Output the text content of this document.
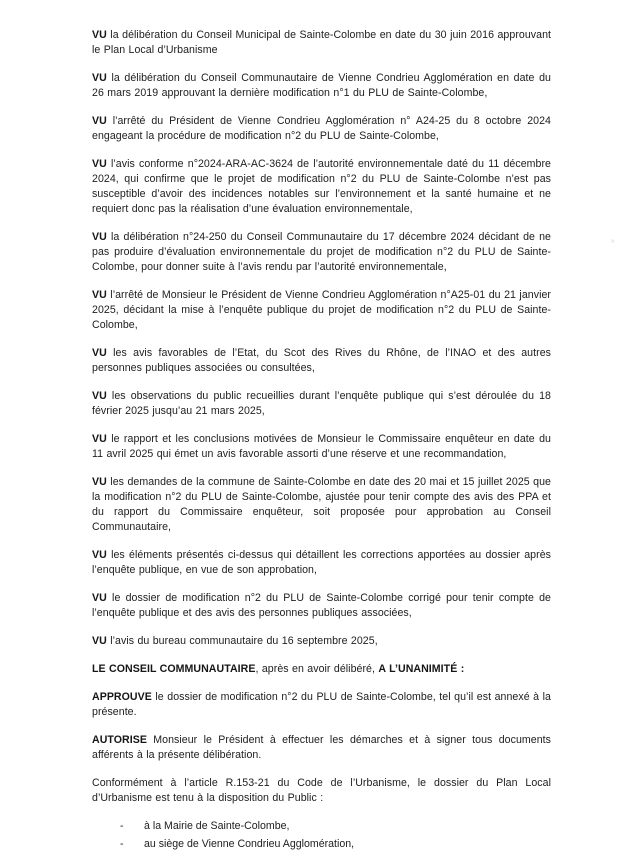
VU la délibération du Conseil Municipal de Sainte-Colombe en date du 30 juin 2016 approuvant le Plan Local d’Urbanisme

VU la délibération du Conseil Communautaire de Vienne Condrieu Agglomération en date du 26 mars 2019 approuvant la dernière modification n°1 du PLU de Sainte-Colombe,

VU l’arrêté du Président de Vienne Condrieu Agglomération n° A24-25 du 8 octobre 2024 engageant la procédure de modification n°2 du PLU de Sainte-Colombe,

VU l’avis conforme n°2024-ARA-AC-3624 de l’autorité environnementale daté du 11 décembre 2024, qui confirme que le projet de modification n°2 du PLU de Sainte-Colombe n’est pas susceptible d’avoir des incidences notables sur l’environnement et la santé humaine et ne requiert donc pas la réalisation d’une évaluation environnementale,

VU la délibération n°24-250 du Conseil Communautaire du 17 décembre 2024 décidant de ne pas produire d’évaluation environnementale du projet de modification n°2 du PLU de Sainte-Colombe, pour donner suite à l’avis rendu par l’autorité environnementale,

VU l’arrêté de Monsieur le Président de Vienne Condrieu Agglomération n°A25-01 du 21 janvier 2025, décidant la mise à l’enquête publique du projet de modification n°2 du PLU de Sainte-Colombe,

VU les avis favorables de l’Etat, du Scot des Rives du Rhône, de l’INAO et des autres personnes publiques associées ou consultées,

VU les observations du public recueillies durant l’enquête publique qui s’est déroulée du 18 février 2025 jusqu’au 21 mars 2025,

VU le rapport et les conclusions motivées de Monsieur le Commissaire enquêteur en date du 11 avril 2025 qui émet un avis favorable assorti d’une réserve et une recommandation,

VU les demandes de la commune de Sainte-Colombe en date des 20 mai et 15 juillet 2025 que la modification n°2 du PLU de Sainte-Colombe, ajustée pour tenir compte des avis des PPA et du rapport du Commissaire enquêteur, soit proposée pour approbation au Conseil Communautaire,

VU les éléments présentés ci-dessus qui détaillent les corrections apportées au dossier après l’enquête publique, en vue de son approbation,

VU le dossier de modification n°2 du PLU de Sainte-Colombe corrigé pour tenir compte de l’enquête publique et des avis des personnes publiques associées,

VU l’avis du bureau communautaire du 16 septembre 2025,

LE CONSEIL COMMUNAUTAIRE, après en avoir délibéré, A L’UNANIMITÉ :

APPROUVE le dossier de modification n°2 du PLU de Sainte-Colombe, tel qu’il est annexé à la présente.

AUTORISE Monsieur le Président à effectuer les démarches et à signer tous documents afférents à la présente délibération.

Conformément à l’article R.153-21 du Code de l’Urbanisme, le dossier du Plan Local d’Urbanisme est tenu à la disposition du Public :

- à la Mairie de Sainte-Colombe,
- au siège de Vienne Condrieu Agglomération,
×
